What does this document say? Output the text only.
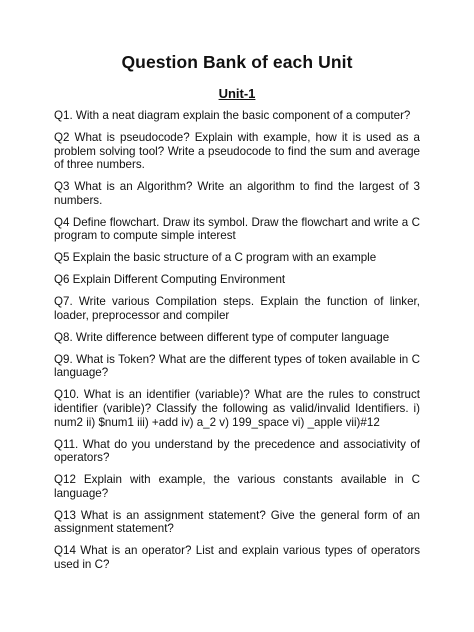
Question Bank of each Unit
Unit-1
Q1. With a neat diagram explain the basic component of a computer?
Q2 What is pseudocode? Explain with example, how it is used as a problem solving tool? Write a pseudocode to find the sum and average of three numbers.
Q3 What is an Algorithm? Write an algorithm to find the largest of 3 numbers.
Q4 Define flowchart. Draw its symbol. Draw the flowchart and write a C program to compute simple interest
Q5 Explain the basic structure of a C program with an example
Q6 Explain Different Computing Environment
Q7. Write various Compilation steps. Explain the function of linker, loader, preprocessor and compiler
Q8. Write difference between different type of computer language
Q9. What is Token? What are the different types of token available in C language?
Q10. What is an identifier (variable)? What are the rules to construct identifier (varible)? Classify the following as valid/invalid Identifiers. i) num2 ii) $num1 iii) +add iv) a_2 v) 199_space vi) _apple vii)#12
Q11. What do you understand by the precedence and associativity of operators?
Q12 Explain with example, the various constants available in C language?
Q13 What is an assignment statement? Give the general form of an assignment statement?
Q14 What is an operator? List and explain various types of operators used in C?
